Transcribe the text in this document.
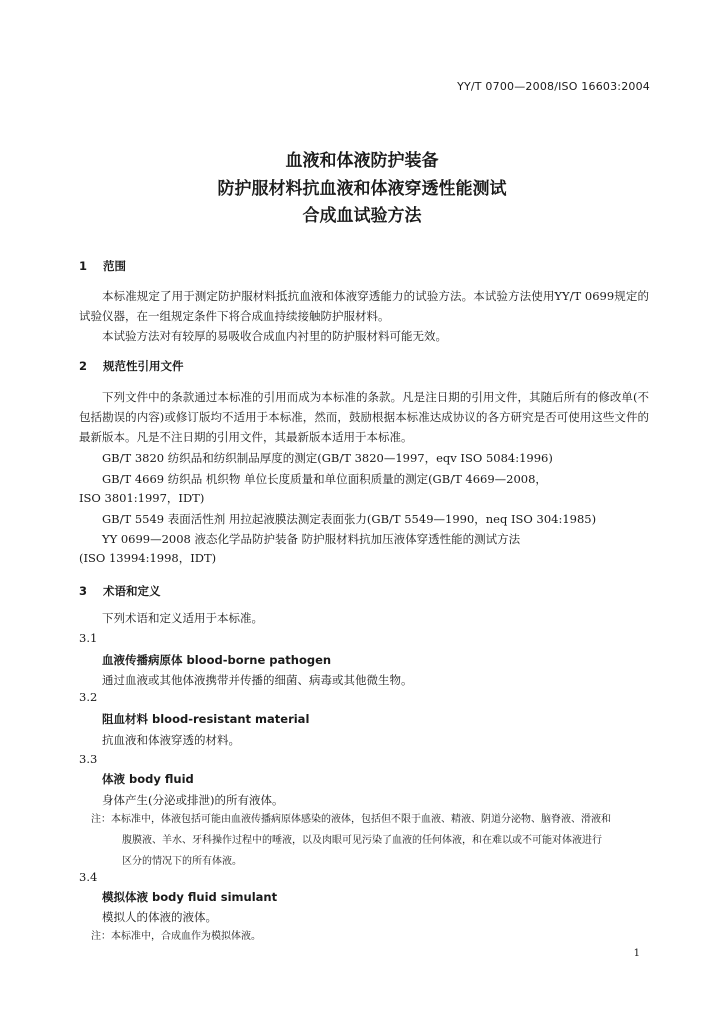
YY/T 0700—2008/ISO 16603:2004
血液和体液防护装备
防护服材料抗血液和体液穿透性能测试
合成血试验方法
1 范围
本标准规定了用于测定防护服材料抵抗血液和体液穿透能力的试验方法。本试验方法使用YY/T 0699规定的试验仪器，在一组规定条件下将合成血持续接触防护服材料。
本试验方法对有较厚的易吸收合成血内衬里的防护服材料可能无效。
2 规范性引用文件
下列文件中的条款通过本标准的引用而成为本标准的条款。凡是注日期的引用文件，其随后所有的修改单(不包括勘误的内容)或修订版均不适用于本标准，然而，鼓励根据本标准达成协议的各方研究是否可使用这些文件的最新版本。凡是不注日期的引用文件，其最新版本适用于本标准。
GB/T 3820 纺织品和纺织制品厚度的测定(GB/T 3820—1997，eqv ISO 5084:1996)
GB/T 4669 纺织品 机织物 单位长度质量和单位面积质量的测定(GB/T 4669—2008，
ISO 3801:1997，IDT)
GB/T 5549 表面活性剂 用拉起液膜法测定表面张力(GB/T 5549—1990，neq ISO 304:1985)
YY 0699—2008 液态化学品防护装备 防护服材料抗加压液体穿透性能的测试方法
(ISO 13994:1998，IDT)
3 术语和定义
下列术语和定义适用于本标准。
3.1
血液传播病原体 blood-borne pathogen
通过血液或其他体液携带并传播的细菌、病毒或其他微生物。
3.2
阻血材料 blood-resistant material
抗血液和体液穿透的材料。
3.3
体液 body fluid
身体产生(分泌或排泄)的所有液体。
注：本标准中，体液包括可能由血液传播病原体感染的液体，包括但不限于血液、精液、阴道分泌物、脑脊液、滑液和
腹膜液、羊水、牙科操作过程中的唾液，以及肉眼可见污染了血液的任何体液，和在难以或不可能对体液进行
区分的情况下的所有体液。
3.4
模拟体液 body fluid simulant
模拟人的体液的液体。
注：本标准中，合成血作为模拟体液。
1
